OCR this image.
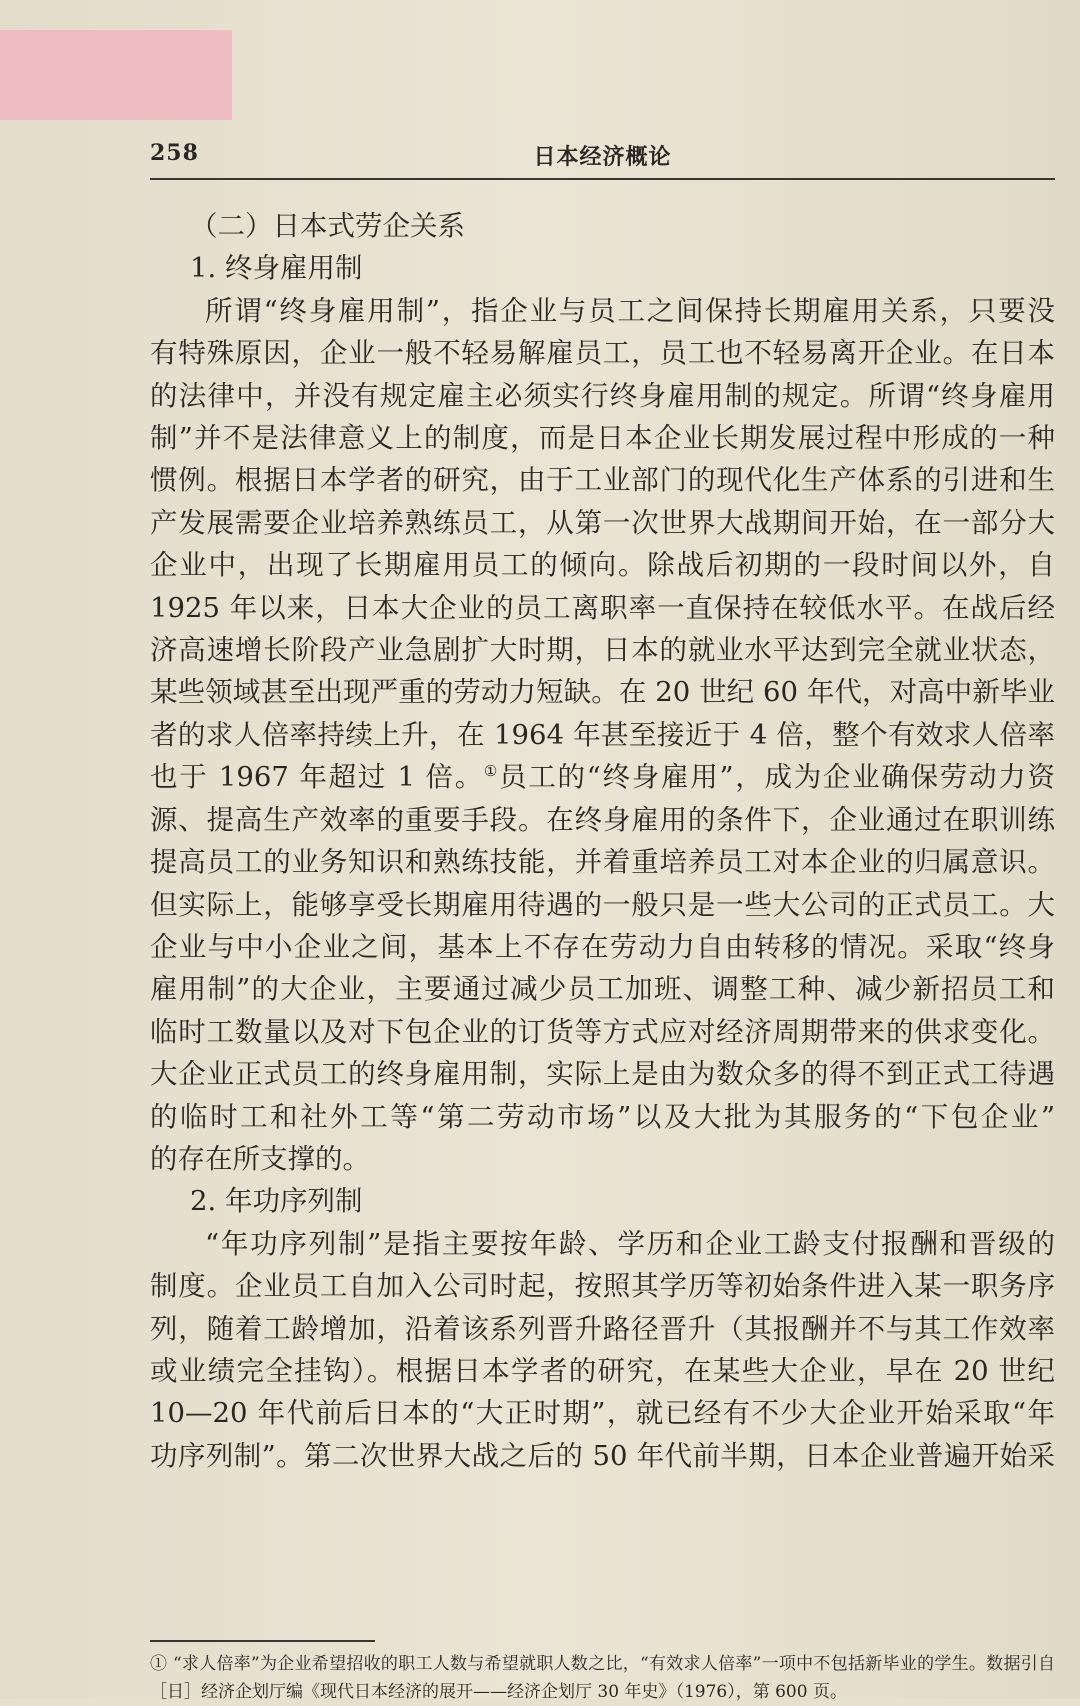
258	日本经济概论

（二）日本式劳企关系

1. 终身雇用制

所谓“终身雇用制”，指企业与员工之间保持长期雇用关系，只要没

有特殊原因，企业一般不轻易解雇员工，员工也不轻易离开企业。在日本

的法律中，并没有规定雇主必须实行终身雇用制的规定。所谓“终身雇用

制”并不是法律意义上的制度，而是日本企业长期发展过程中形成的一种

惯例。根据日本学者的研究，由于工业部门的现代化生产体系的引进和生

产发展需要企业培养熟练员工，从第一次世界大战期间开始，在一部分大

企业中，出现了长期雇用员工的倾向。除战后初期的一段时间以外，自

1925 年以来，日本大企业的员工离职率一直保持在较低水平。在战后经

济高速增长阶段产业急剧扩大时期，日本的就业水平达到完全就业状态，

某些领域甚至出现严重的劳动力短缺。在 20 世纪 60 年代，对高中新毕业

者的求人倍率持续上升，在 1964 年甚至接近于 4 倍，整个有效求人倍率

也于 1967 年超过 1 倍。①员工的“终身雇用”，成为企业确保劳动力资

源、提高生产效率的重要手段。在终身雇用的条件下，企业通过在职训练

提高员工的业务知识和熟练技能，并着重培养员工对本企业的归属意识。

但实际上，能够享受长期雇用待遇的一般只是一些大公司的正式员工。大

企业与中小企业之间，基本上不存在劳动力自由转移的情况。采取“终身

雇用制”的大企业，主要通过减少员工加班、调整工种、减少新招员工和

临时工数量以及对下包企业的订货等方式应对经济周期带来的供求变化。

大企业正式员工的终身雇用制，实际上是由为数众多的得不到正式工待遇

的临时工和社外工等“第二劳动市场”以及大批为其服务的“下包企业”

的存在所支撑的。

2. 年功序列制

“年功序列制”是指主要按年龄、学历和企业工龄支付报酬和晋级的

制度。企业员工自加入公司时起，按照其学历等初始条件进入某一职务序

列，随着工龄增加，沿着该系列晋升路径晋升（其报酬并不与其工作效率

或业绩完全挂钩）。根据日本学者的研究，在某些大企业，早在 20 世纪

10—20 年代前后日本的“大正时期”，就已经有不少大企业开始采取“年

功序列制”。第二次世界大战之后的 50 年代前半期，日本企业普遍开始采

① “求人倍率”为企业希望招收的职工人数与希望就职人数之比，“有效求人倍率”一项中不包括新毕业的学生。数据引自［日］经济企划厅编《现代日本经济的展开——经济企划厅 30 年史》（1976），第 600 页。
